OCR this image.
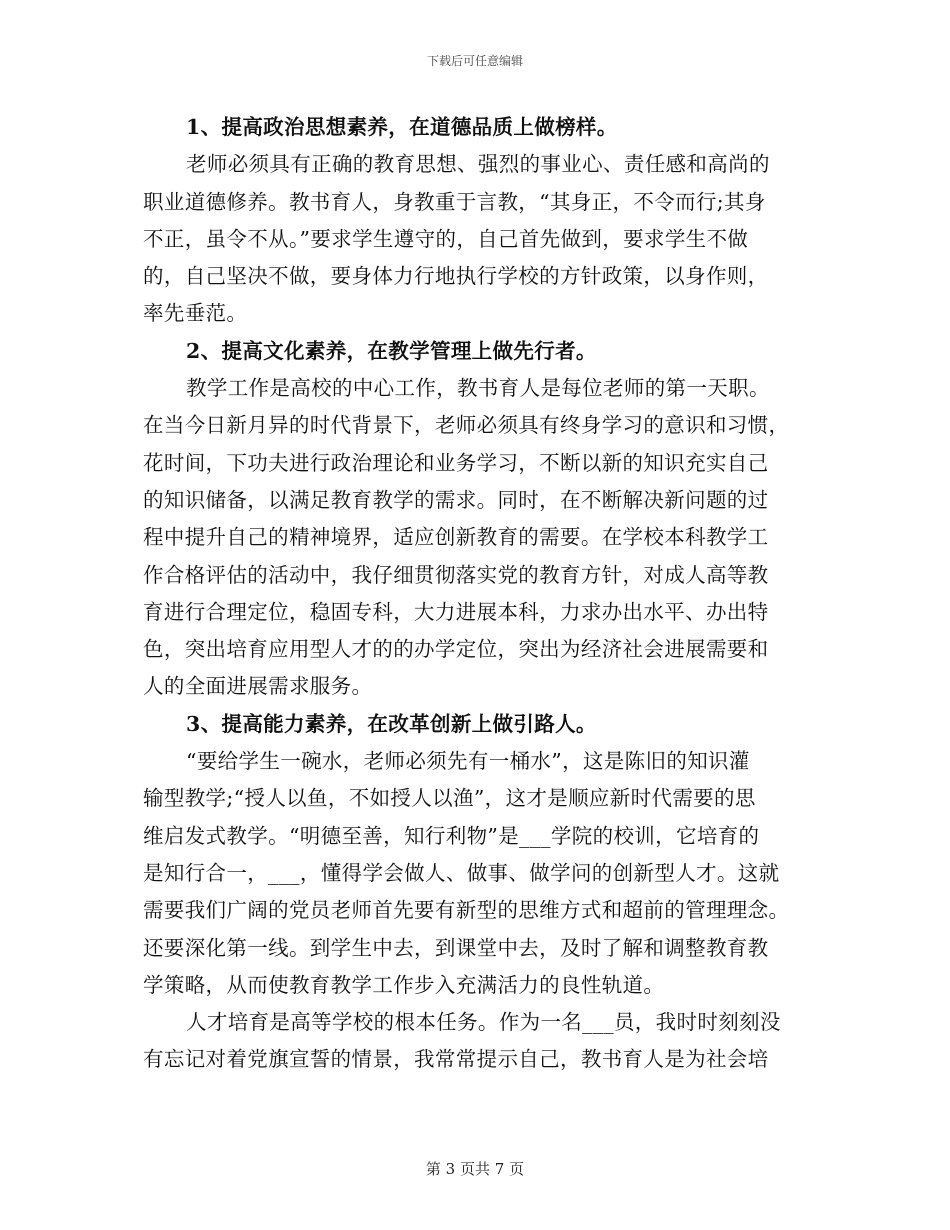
下载后可任意编辑
1、提高政治思想素养，在道德品质上做榜样。
老师必须具有正确的教育思想、强烈的事业心、责任感和高尚的
职业道德修养。教书育人，身教重于言教，“其身正，不令而行;其身
不正，虽令不从。”要求学生遵守的，自己首先做到，要求学生不做
的，自己坚决不做，要身体力行地执行学校的方针政策，以身作则，
率先垂范。
2、提高文化素养，在教学管理上做先行者。
教学工作是高校的中心工作，教书育人是每位老师的第一天职。
在当今日新月异的时代背景下，老师必须具有终身学习的意识和习惯，
花时间，下功夫进行政治理论和业务学习，不断以新的知识充实自己
的知识储备，以满足教育教学的需求。同时，在不断解决新问题的过
程中提升自己的精神境界，适应创新教育的需要。在学校本科教学工
作合格评估的活动中，我仔细贯彻落实党的教育方针，对成人高等教
育进行合理定位，稳固专科，大力进展本科，力求办出水平、办出特
色，突出培育应用型人才的的办学定位，突出为经济社会进展需要和
人的全面进展需求服务。
3、提高能力素养，在改革创新上做引路人。
“要给学生一碗水，老师必须先有一桶水”，这是陈旧的知识灌
输型教学;“授人以鱼，不如授人以渔”，这才是顺应新时代需要的思
维启发式教学。“明德至善，知行利物”是___学院的校训，它培育的
是知行合一，___，懂得学会做人、做事、做学问的创新型人才。这就
需要我们广阔的党员老师首先要有新型的思维方式和超前的管理理念。
还要深化第一线。到学生中去，到课堂中去，及时了解和调整教育教
学策略，从而使教育教学工作步入充满活力的良性轨道。
人才培育是高等学校的根本任务。作为一名___员，我时时刻刻没
有忘记对着党旗宣誓的情景，我常常提示自己，教书育人是为社会培
第 3 页共 7 页
